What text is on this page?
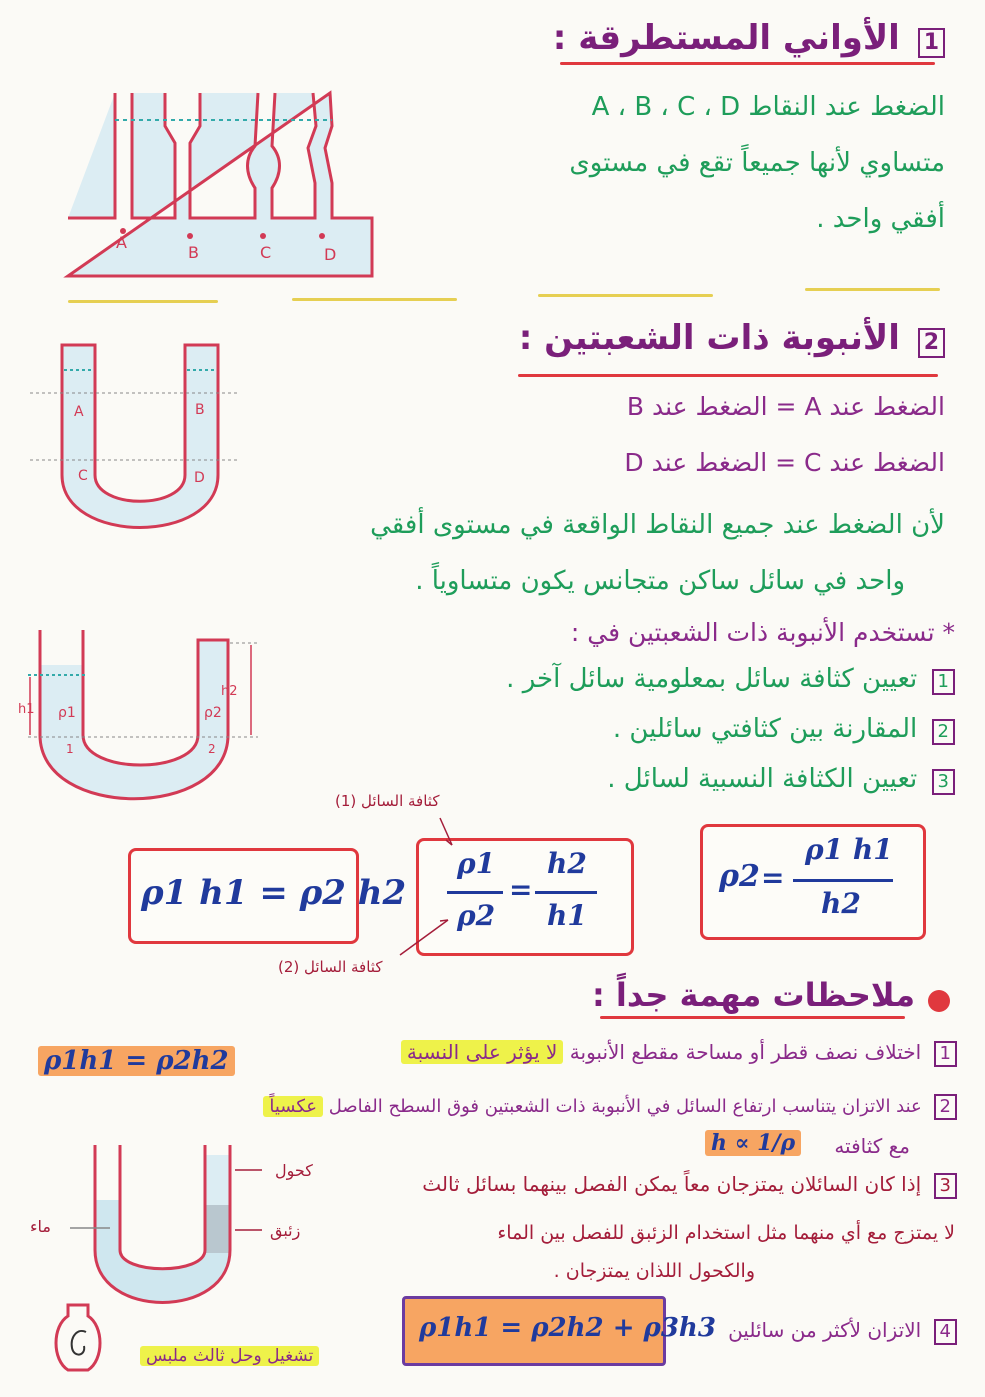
1 الأواني المستطرقة :
الضغط عند النقاط A ، B ، C ، D
متساوي لأنها جميعاً تقع في مستوى
أفقي واحد .
A
B	C	D
2 الأنبوبة ذات الشعبتين :
الضغط عند A = الضغط عند B
الضغط عند C = الضغط عند D
لأن الضغط عند جميع النقاط الواقعة في مستوى أفقي
واحد في سائل ساكن متجانس يكون متساوياً .
A	B
C	D
* تستخدم الأنبوبة ذات الشعبتين في :
1 تعيين كثافة سائل بمعلومية سائل آخر .
2 المقارنة بين كثافتي سائلين .
3 تعيين الكثافة النسبية لسائل .
h1
h2
ρ1	ρ2
1	2
ρ1 h1 = ρ2 h2
ρ1
ρ2
=
h2
h1
كثافة السائل (1)
كثافة السائل (2)
ρ2 =
ρ1 h1
h2
ملاحظات مهمة جداً :
1 اختلاف نصف قطر أو مساحة مقطع الأنبوبة لا يؤثر على النسبة
ρ1h1 = ρ2h2
2 عند الاتزان يتناسب ارتفاع السائل في الأنبوبة ذات الشعبتين فوق السطح الفاصل عكسياً
مع كثافته
h ∝ 1/ρ
3 إذا كان السائلان يمتزجان معاً يمكن الفصل بينهما بسائل ثالث
لا يمتزج مع أي منهما مثل استخدام الزئبق للفصل بين الماء
والكحول اللذان يمتزجان .
كحول
زئبق
ماء
4 الاتزان لأكثر من سائلين
ρ1h1 = ρ2h2 + ρ3h3
تشغيل وحل ثالث ملبس
